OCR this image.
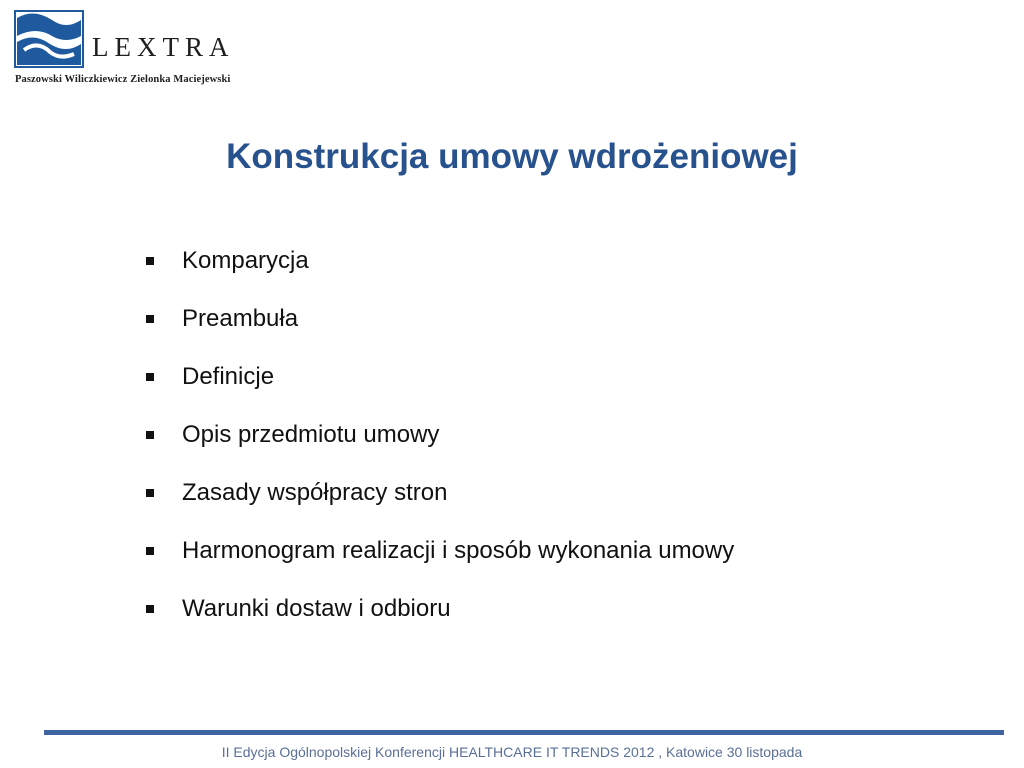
LEXTRA
Paszowski Wiliczkiewicz Zielonka Maciejewski
Konstrukcja umowy wdrożeniowej
Komparycja
Preambuła
Definicje
Opis przedmiotu umowy
Zasady współpracy stron
Harmonogram realizacji i sposób wykonania umowy
Warunki dostaw i odbioru
II Edycja Ogólnopolskiej Konferencji HEALTHCARE IT TRENDS 2012 , Katowice 30 listopada
